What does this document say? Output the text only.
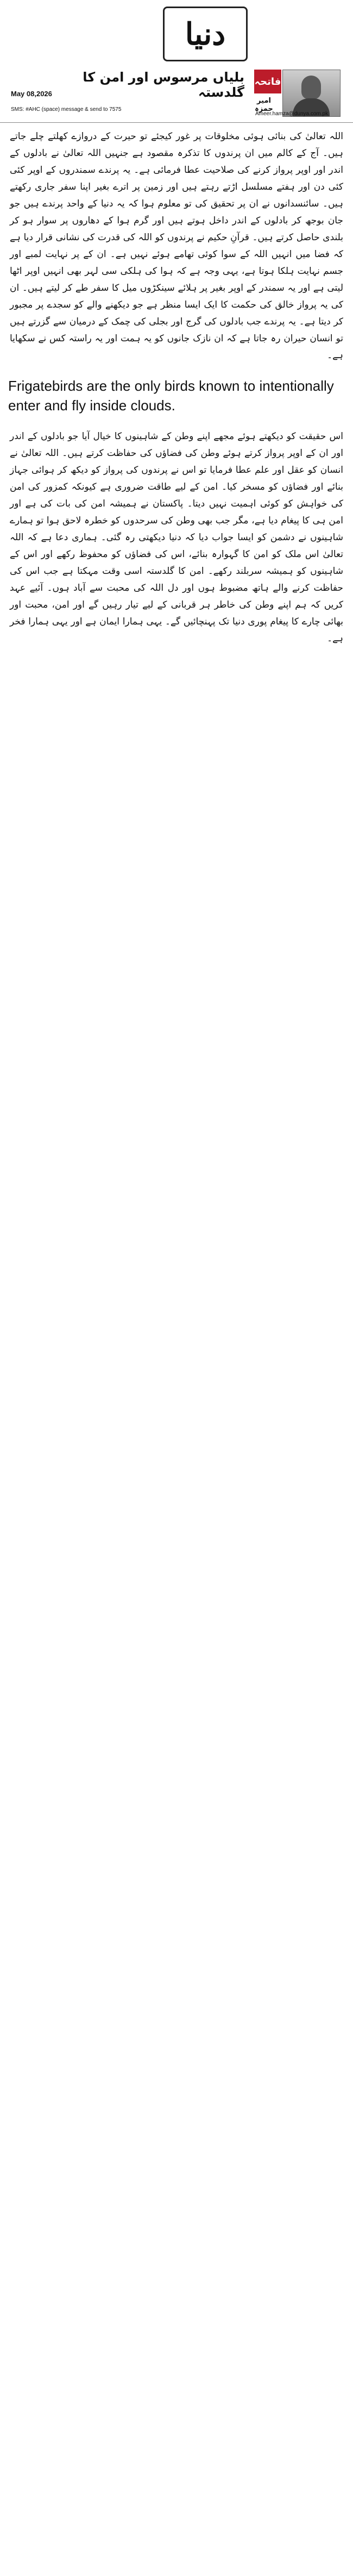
دنیا
فاتحہ
امیر حمزہ
بلیاں مرسوس اور امن کا گلدستہ
May 08,2026
SMS: #AHC (space) message & send to 7575
Ameer.hamza@dunya.com.pk

اللہ تعالیٰ کی بنائی ہوئی مخلوقات پر غور کیجئے تو حیرت کے دروازے کھلتے چلے جاتے ہیں۔ آج کے کالم میں ان پرندوں کا تذکرہ مقصود ہے جنہیں اللہ تعالیٰ نے بادلوں کے اندر اور اوپر پرواز کرنے کی صلاحیت عطا فرمائی ہے۔ یہ پرندے سمندروں کے اوپر کئی کئی دن اور ہفتے مسلسل اڑتے رہتے ہیں اور زمین پر اترے بغیر اپنا سفر جاری رکھتے ہیں۔ سائنسدانوں نے ان پر تحقیق کی تو معلوم ہوا کہ یہ دنیا کے واحد پرندے ہیں جو جان بوجھ کر بادلوں کے اندر داخل ہوتے ہیں اور گرم ہوا کے دھاروں پر سوار ہو کر بلندی حاصل کرتے ہیں۔ قرآنِ حکیم نے پرندوں کو اللہ کی قدرت کی نشانی قرار دیا ہے کہ فضا میں انہیں اللہ کے سوا کوئی تھامے ہوئے نہیں ہے۔ ان کے پر نہایت لمبے اور جسم نہایت ہلکا ہوتا ہے، یہی وجہ ہے کہ ہوا کی ہلکی سی لہر بھی انہیں اوپر اٹھا لیتی ہے اور یہ سمندر کے اوپر بغیر پر ہلائے سینکڑوں میل کا سفر طے کر لیتے ہیں۔ ان کی یہ پرواز خالق کی حکمت کا ایک ایسا منظر ہے جو دیکھنے والے کو سجدے پر مجبور کر دیتا ہے۔ یہ پرندے جب بادلوں کی گرج اور بجلی کی چمک کے درمیان سے گزرتے ہیں تو انسان حیران رہ جاتا ہے کہ ان نازک جانوں کو یہ ہمت اور یہ راستہ کس نے سکھایا ہے۔

Frigatebirds are the only birds known to intentionally enter and fly inside clouds.

اس حقیقت کو دیکھتے ہوئے مجھے اپنے وطن کے شاہینوں کا خیال آیا جو بادلوں کے اندر اور ان کے اوپر پرواز کرتے ہوئے وطن کی فضاؤں کی حفاظت کرتے ہیں۔ اللہ تعالیٰ نے انسان کو عقل اور علم عطا فرمایا تو اس نے پرندوں کی پرواز کو دیکھ کر ہوائی جہاز بنائے اور فضاؤں کو مسخر کیا۔ امن کے لیے طاقت ضروری ہے کیونکہ کمزور کی امن کی خواہش کو کوئی اہمیت نہیں دیتا۔ پاکستان نے ہمیشہ امن کی بات کی ہے اور امن ہی کا پیغام دیا ہے، مگر جب بھی وطن کی سرحدوں کو خطرہ لاحق ہوا تو ہمارے شاہینوں نے دشمن کو ایسا جواب دیا کہ دنیا دیکھتی رہ گئی۔ ہماری دعا ہے کہ اللہ تعالیٰ اس ملک کو امن کا گہوارہ بنائے، اس کی فضاؤں کو محفوظ رکھے اور اس کے شاہینوں کو ہمیشہ سربلند رکھے۔ امن کا گلدستہ اسی وقت مہکتا ہے جب اس کی حفاظت کرنے والے ہاتھ مضبوط ہوں اور دل اللہ کی محبت سے آباد ہوں۔ آئیے عہد کریں کہ ہم اپنے وطن کی خاطر ہر قربانی کے لیے تیار رہیں گے اور امن، محبت اور بھائی چارے کا پیغام پوری دنیا تک پہنچائیں گے۔ یہی ہمارا ایمان ہے اور یہی ہمارا فخر ہے۔
